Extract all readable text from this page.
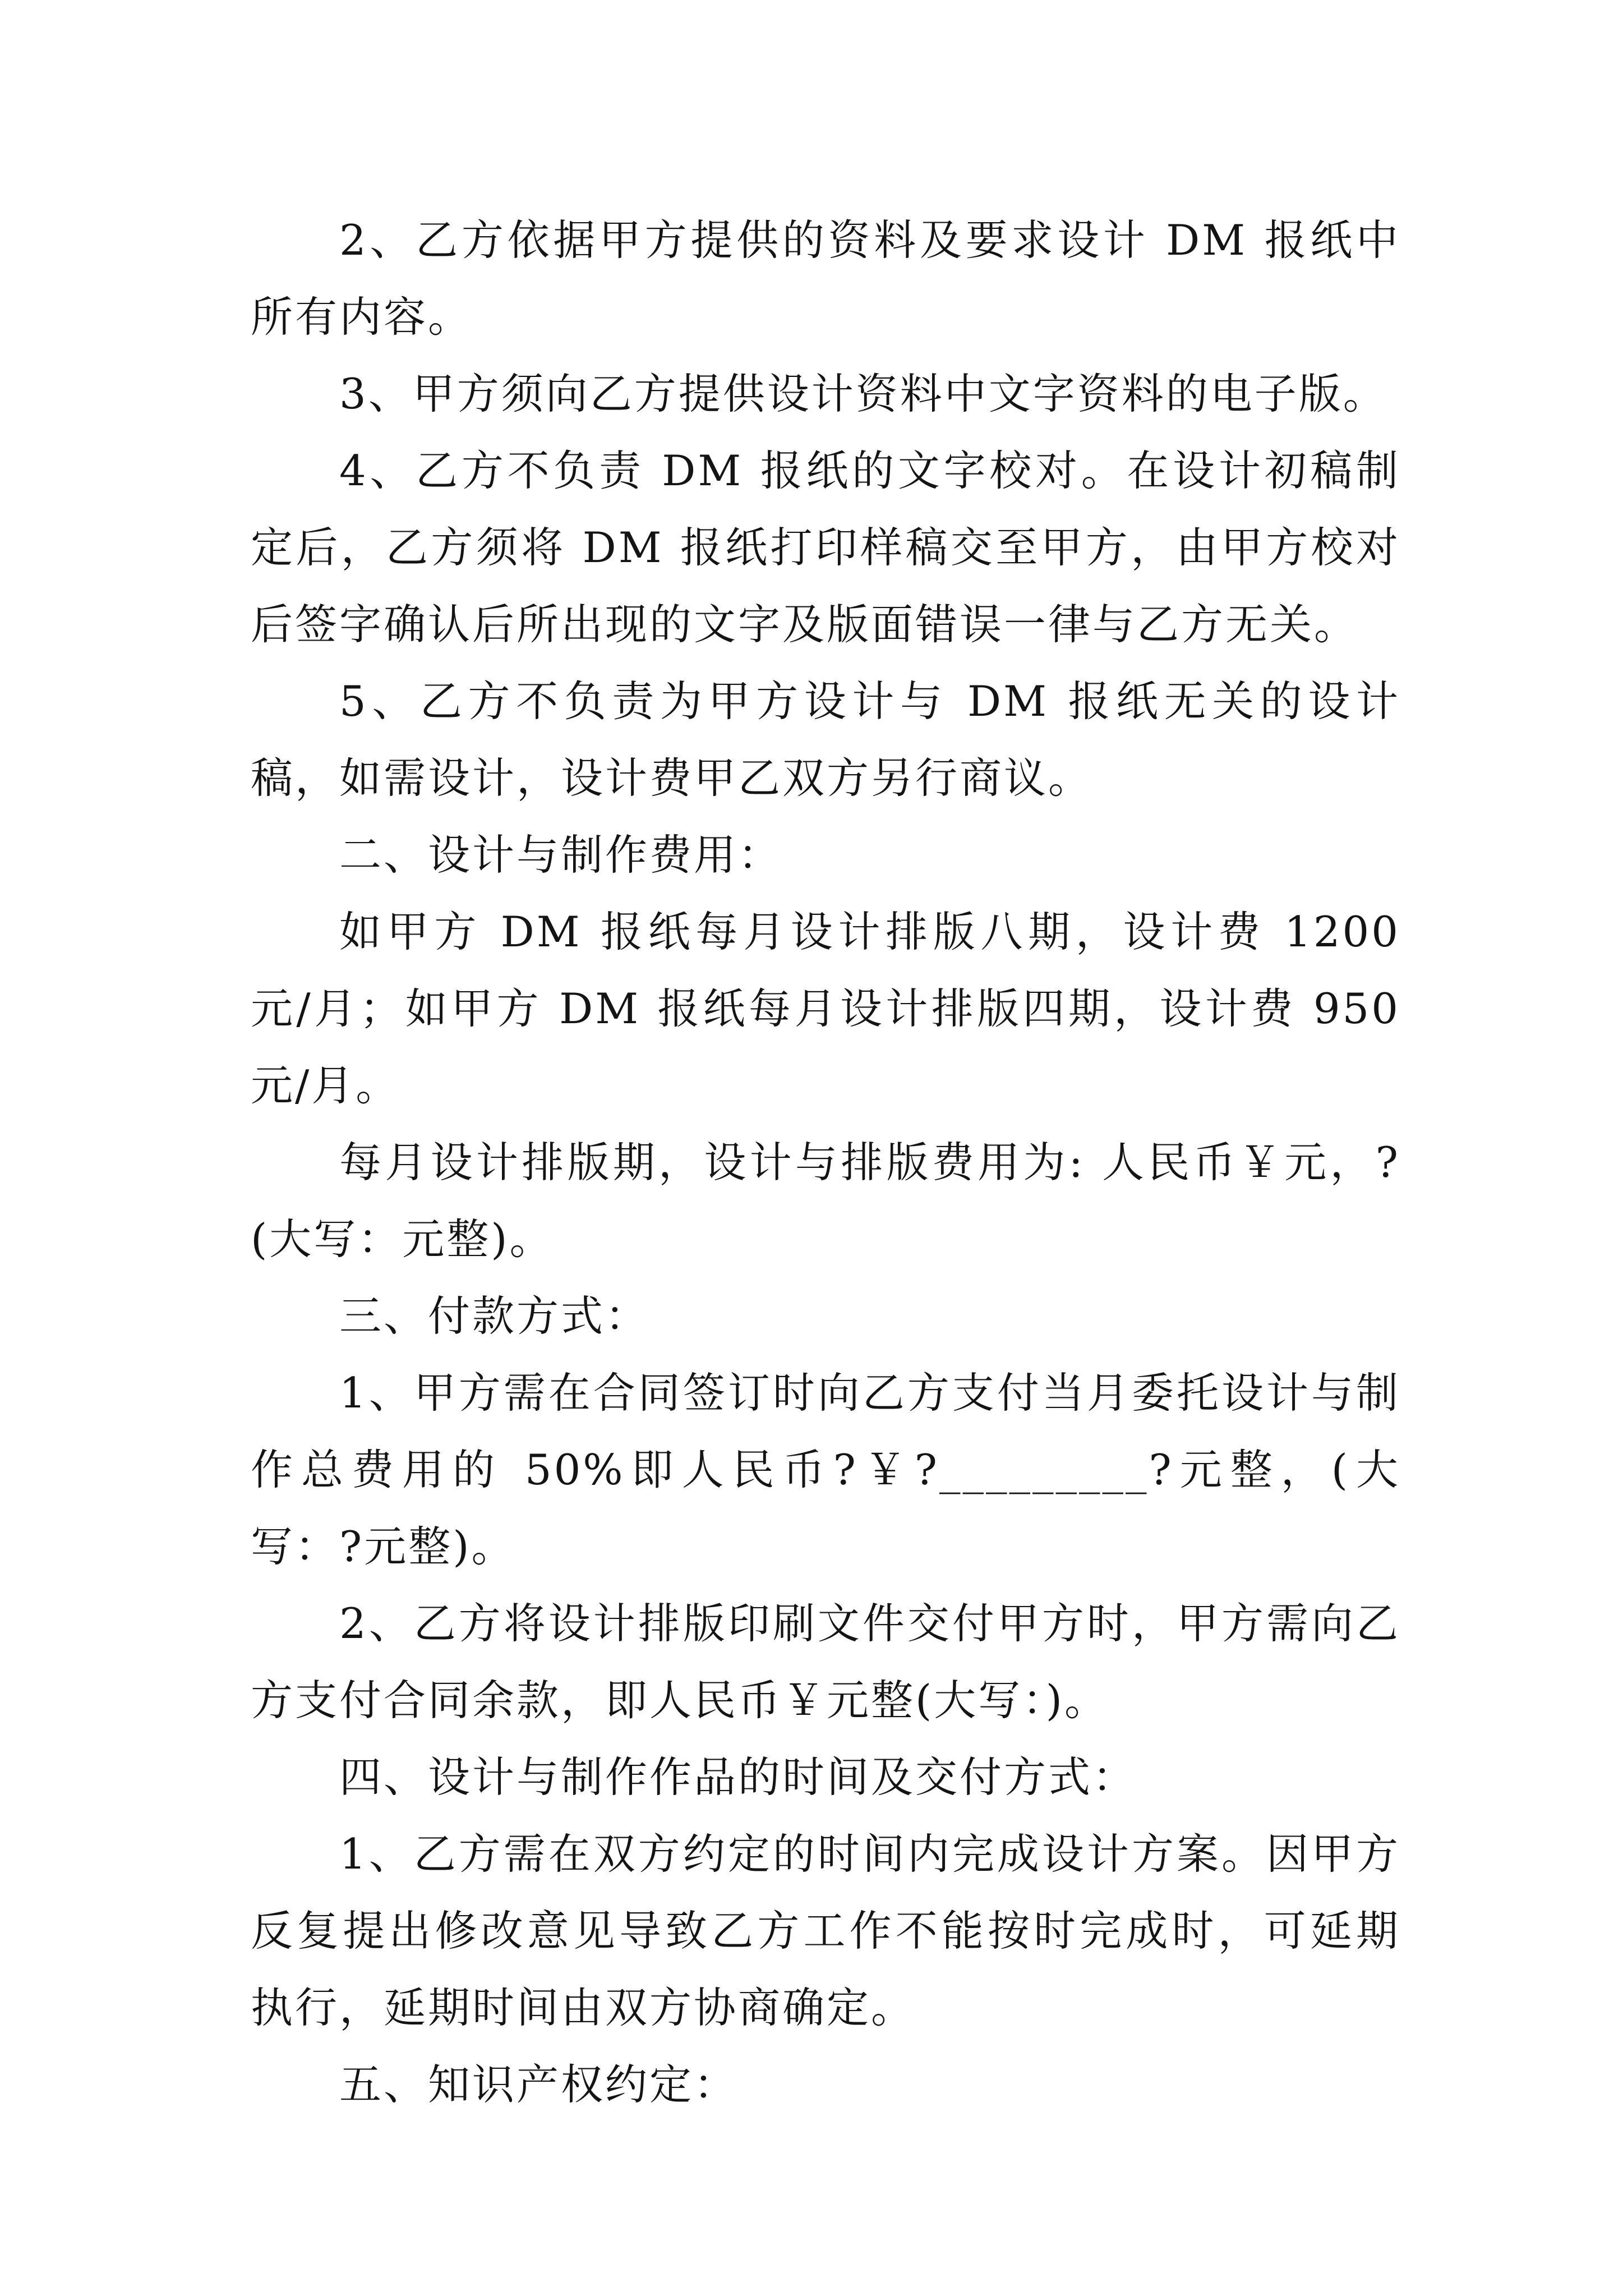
2、乙方依据甲方提供的资料及要求设计 DM 报纸中所有内容。

3、甲方须向乙方提供设计资料中文字资料的电子版。

4、乙方不负责 DM 报纸的文字校对。在设计初稿制定后，乙方须将 DM 报纸打印样稿交至甲方，由甲方校对后签字确认后所出现的文字及版面错误一律与乙方无关。

5、乙方不负责为甲方设计与 DM 报纸无关的设计稿，如需设计，设计费甲乙双方另行商议。

二、设计与制作费用：

如甲方 DM 报纸每月设计排版八期，设计费 1200 元/月；如甲方 DM 报纸每月设计排版四期，设计费 950 元/月。

每月设计排版期，设计与排版费用为: 人民币￥元，?(大写：元整)。

三、付款方式：

1、甲方需在合同签订时向乙方支付当月委托设计与制作总费用的 50%即人民币?￥?_________?元整，(大写：?元整)。

2、乙方将设计排版印刷文件交付甲方时，甲方需向乙方支付合同余款，即人民币￥元整(大写：)。

四、设计与制作作品的时间及交付方式：

1、乙方需在双方约定的时间内完成设计方案。因甲方反复提出修改意见导致乙方工作不能按时完成时，可延期执行，延期时间由双方协商确定。

五、知识产权约定：
